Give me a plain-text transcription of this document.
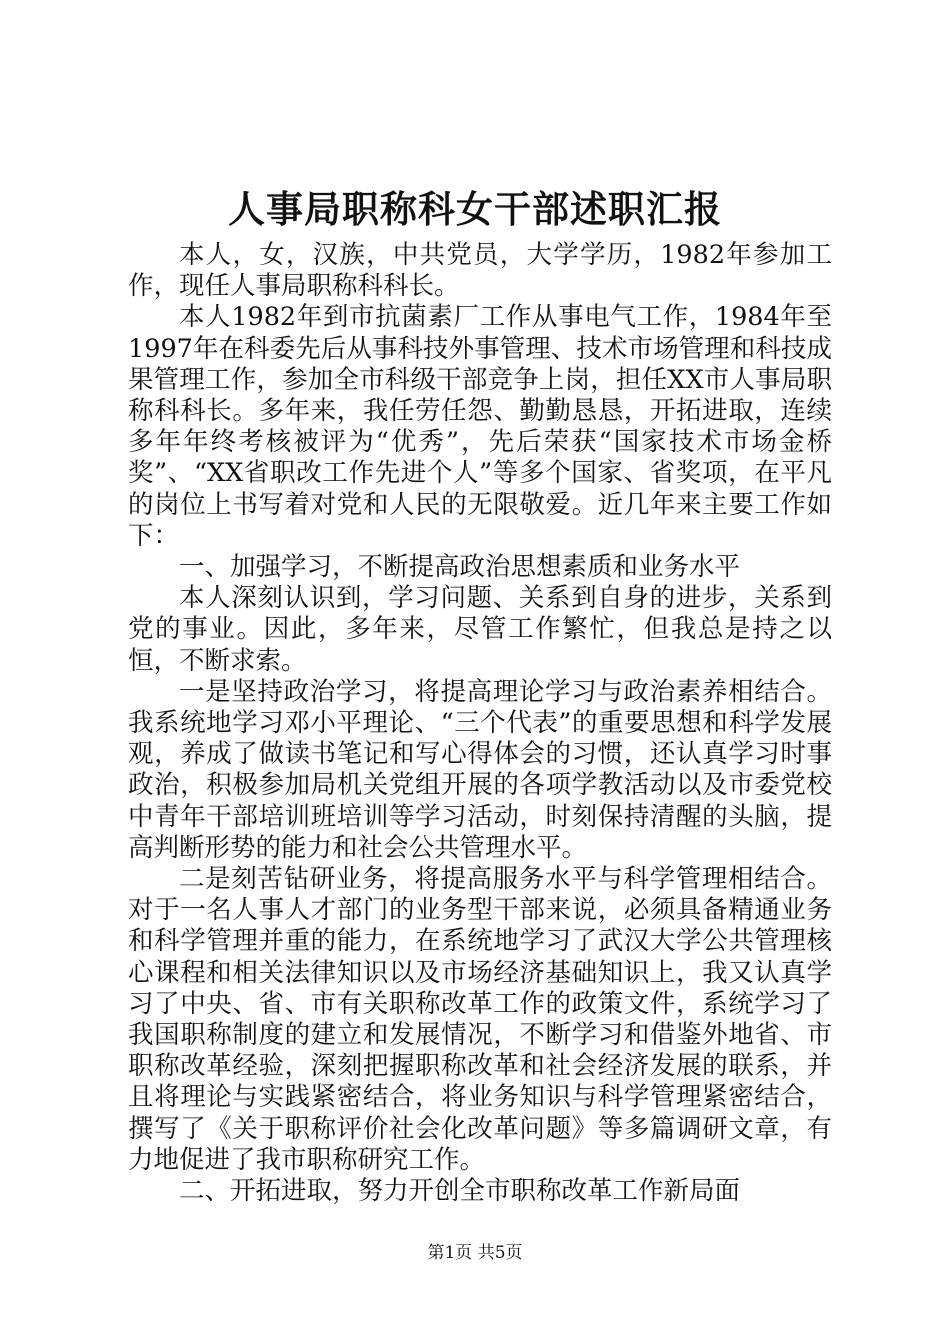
人事局职称科女干部述职汇报

本人，女，汉族，中共党员，大学学历，1982年参加工作，现任人事局职称科科长。

本人1982年到市抗菌素厂工作从事电气工作，1984年至1997年在科委先后从事科技外事管理、技术市场管理和科技成果管理工作，参加全市科级干部竞争上岗，担任XX市人事局职称科科长。多年来，我任劳任怨、勤勤恳恳，开拓进取，连续多年年终考核被评为“优秀”，先后荣获“国家技术市场金桥奖”、“XX省职改工作先进个人”等多个国家、省奖项，在平凡的岗位上书写着对党和人民的无限敬爱。近几年来主要工作如下：

一、加强学习，不断提高政治思想素质和业务水平

本人深刻认识到，学习问题、关系到自身的进步，关系到党的事业。因此，多年来，尽管工作繁忙，但我总是持之以恒，不断求索。

一是坚持政治学习，将提高理论学习与政治素养相结合。我系统地学习邓小平理论、“三个代表”的重要思想和科学发展观，养成了做读书笔记和写心得体会的习惯，还认真学习时事政治，积极参加局机关党组开展的各项学教活动以及市委党校中青年干部培训班培训等学习活动，时刻保持清醒的头脑，提高判断形势的能力和社会公共管理水平。

二是刻苦钻研业务，将提高服务水平与科学管理相结合。对于一名人事人才部门的业务型干部来说，必须具备精通业务和科学管理并重的能力，在系统地学习了武汉大学公共管理核心课程和相关法律知识以及市场经济基础知识上，我又认真学习了中央、省、市有关职称改革工作的政策文件，系统学习了我国职称制度的建立和发展情况，不断学习和借鉴外地省、市职称改革经验，深刻把握职称改革和社会经济发展的联系，并且将理论与实践紧密结合，将业务知识与科学管理紧密结合，撰写了《关于职称评价社会化改革问题》等多篇调研文章，有力地促进了我市职称研究工作。

二、开拓进取，努力开创全市职称改革工作新局面

第1页 共5页
